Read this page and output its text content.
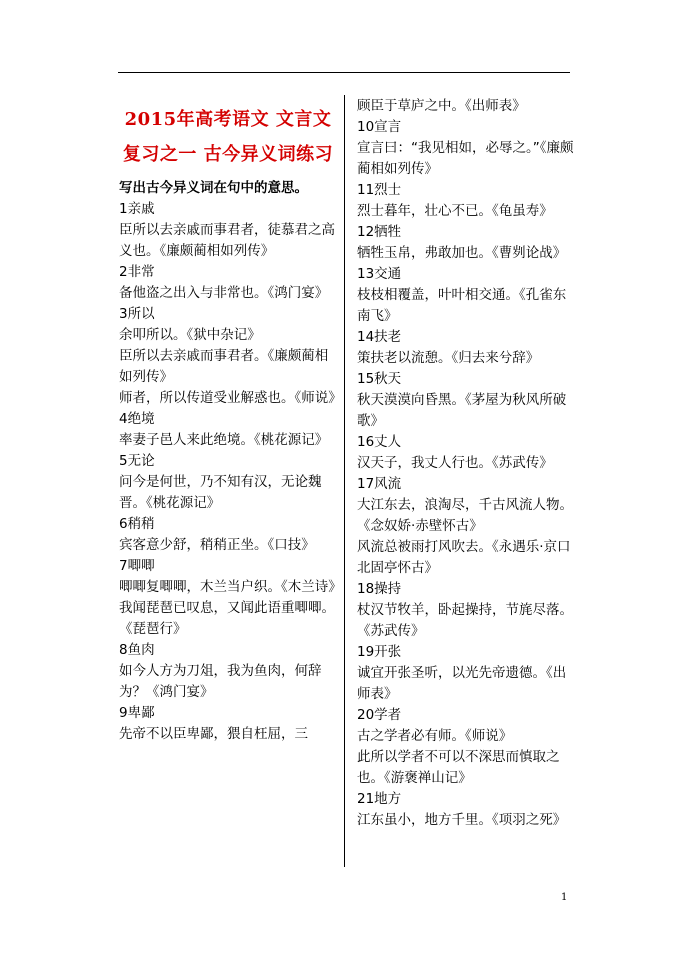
2015年高考语文 文言文复习之一 古今异义词练习
写出古今异义词在句中的意思。
1亲戚
臣所以去亲戚而事君者，徒慕君之高义也。《廉颇蔺相如列传》
2非常
备他盗之出入与非常也。《鸿门宴》
3所以
余叩所以。《狱中杂记》
臣所以去亲戚而事君者。《廉颇蔺相如列传》
师者，所以传道受业解惑也。《师说》
4绝境
率妻子邑人来此绝境。《桃花源记》
5无论
问今是何世，乃不知有汉，无论魏晋。《桃花源记》
6稍稍
宾客意少舒，稍稍正坐。《口技》
7唧唧
唧唧复唧唧，木兰当户织。《木兰诗》
我闻琵琶已叹息，又闻此语重唧唧。《琵琶行》
8鱼肉
如今人方为刀俎，我为鱼肉，何辞为？《鸿门宴》
9卑鄙
先帝不以臣卑鄙，猥自枉屈，三
顾臣于草庐之中。《出师表》
10宣言
宣言曰：“我见相如，必辱之。”《廉颇蔺相如列传》
11烈士
烈士暮年，壮心不已。《龟虽寿》
12牺牲
牺牲玉帛，弗敢加也。《曹刿论战》
13交通
枝枝相覆盖，叶叶相交通。《孔雀东南飞》
14扶老
策扶老以流憩。《归去来兮辞》
15秋天
秋天漠漠向昏黑。《茅屋为秋风所破歌》
16丈人
汉天子，我丈人行也。《苏武传》
17风流
大江东去，浪淘尽，千古风流人物。《念奴娇·赤壁怀古》
风流总被雨打风吹去。《永遇乐·京口北固亭怀古》
18操持
杖汉节牧羊，卧起操持，节旄尽落。《苏武传》
19开张
诚宜开张圣听，以光先帝遗德。《出师表》
20学者
古之学者必有师。《师说》
此所以学者不可以不深思而慎取之也。《游褒禅山记》
21地方
江东虽小，地方千里。《项羽之死》
1
